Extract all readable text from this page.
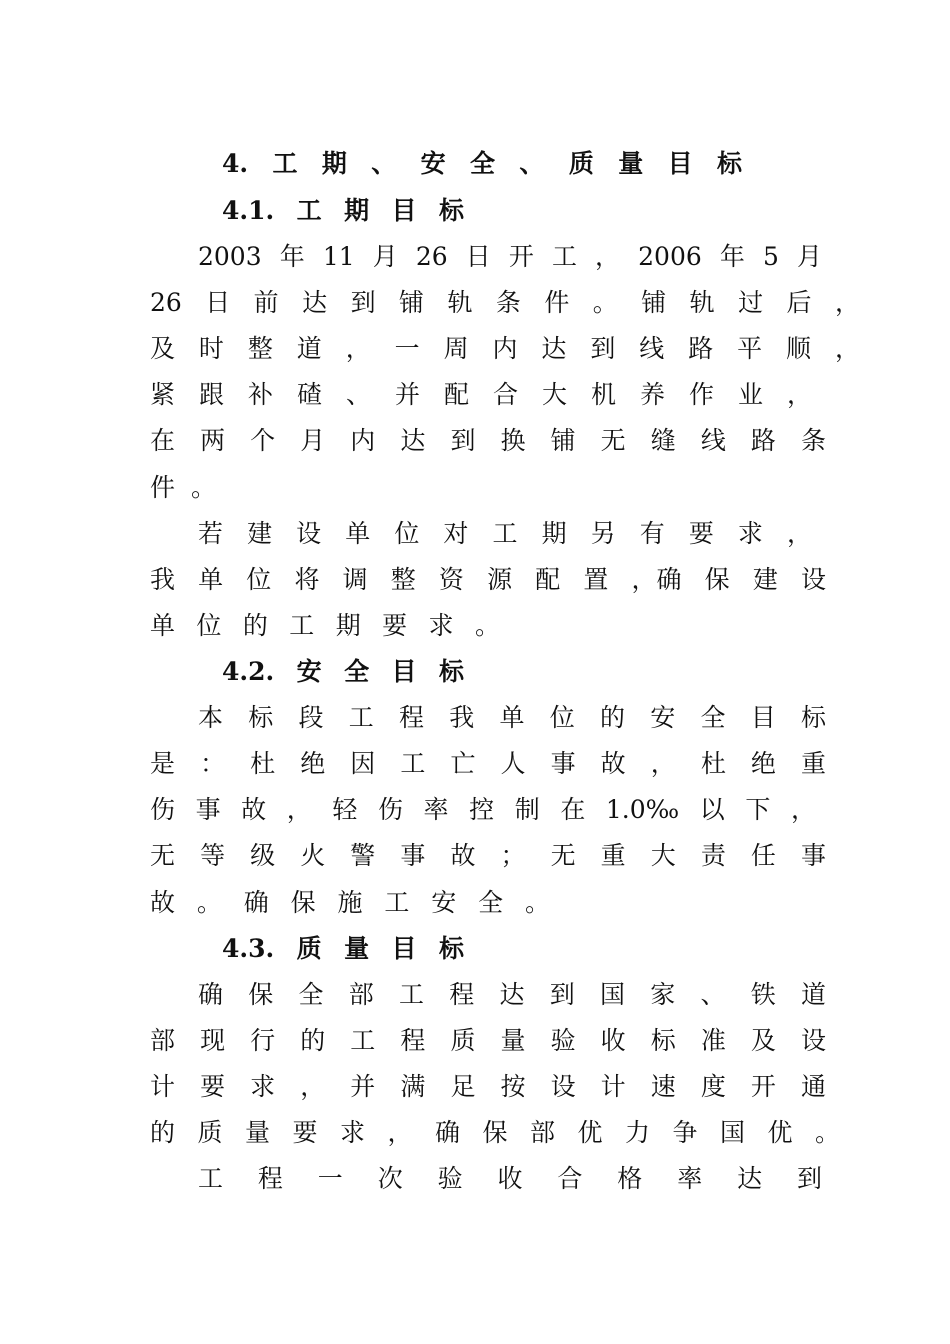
4. 工 期 、 安 全 、 质 量 目 标
4.1. 工 期 目 标
2003 年 11 月 26 日 开 工 ， 2006 年 5 月
26 日 前 达 到 铺 轨 条 件 。 铺 轨 过 后 ，
及 时 整 道 ， 一 周 内 达 到 线 路 平 顺 ，
紧 跟 补 碴 、 并 配 合 大 机 养 作 业 ，
在 两 个 月 内 达 到 换 铺 无 缝 线 路 条
件 。
若 建 设 单 位 对 工 期 另 有 要 求 ，
我 单 位 将 调 整 资 源 配 置 ，确 保 建 设
单 位 的 工 期 要 求 。
4.2. 安 全 目 标
本 标 段 工 程 我 单 位 的 安 全 目 标
是 ： 杜 绝 因 工 亡 人 事 故 ， 杜 绝 重
伤 事 故 ， 轻 伤 率 控 制 在 1.0‰ 以 下 ，
无 等 级 火 警 事 故 ； 无 重 大 责 任 事
故 。 确 保 施 工 安 全 。
4.3. 质 量 目 标
确 保 全 部 工 程 达 到 国 家 、 铁 道
部 现 行 的 工 程 质 量 验 收 标 准 及 设
计 要 求 ， 并 满 足 按 设 计 速 度 开 通
的 质 量 要 求 ， 确 保 部 优 力 争 国 优 。
工 程 一 次 验 收 合 格 率 达 到
